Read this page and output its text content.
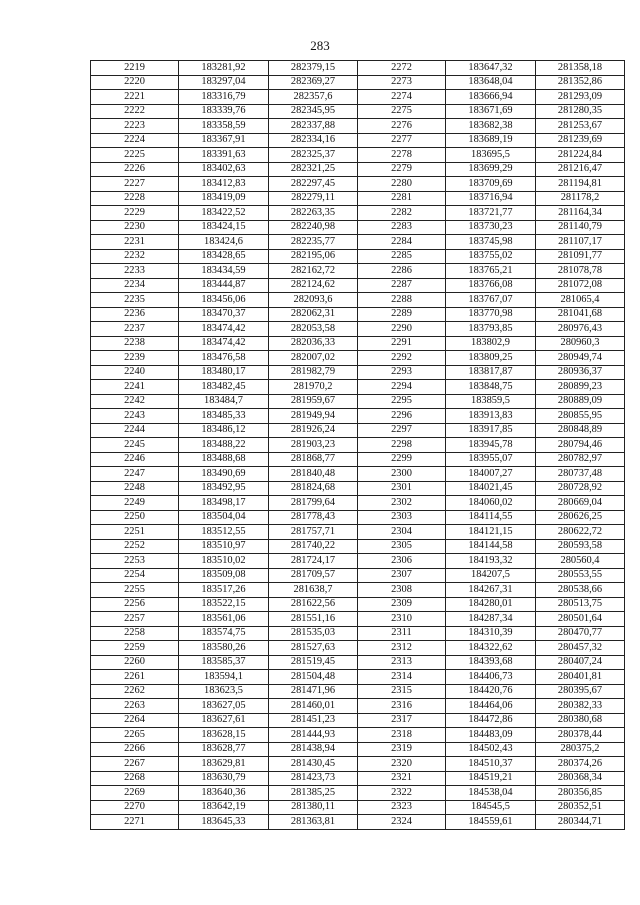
283
2219	183281,92	282379,15	2272	183647,32	281358,18
2220	183297,04	282369,27	2273	183648,04	281352,86
2221	183316,79	282357,6	2274	183666,94	281293,09
2222	183339,76	282345,95	2275	183671,69	281280,35
2223	183358,59	282337,88	2276	183682,38	281253,67
2224	183367,91	282334,16	2277	183689,19	281239,69
2225	183391,63	282325,37	2278	183695,5	281224,84
2226	183402,63	282321,25	2279	183699,29	281216,47
2227	183412,83	282297,45	2280	183709,69	281194,81
2228	183419,09	282279,11	2281	183716,94	281178,2
2229	183422,52	282263,35	2282	183721,77	281164,34
2230	183424,15	282240,98	2283	183730,23	281140,79
2231	183424,6	282235,77	2284	183745,98	281107,17
2232	183428,65	282195,06	2285	183755,02	281091,77
2233	183434,59	282162,72	2286	183765,21	281078,78
2234	183444,87	282124,62	2287	183766,08	281072,08
2235	183456,06	282093,6	2288	183767,07	281065,4
2236	183470,37	282062,31	2289	183770,98	281041,68
2237	183474,42	282053,58	2290	183793,85	280976,43
2238	183474,42	282036,33	2291	183802,9	280960,3
2239	183476,58	282007,02	2292	183809,25	280949,74
2240	183480,17	281982,79	2293	183817,87	280936,37
2241	183482,45	281970,2	2294	183848,75	280899,23
2242	183484,7	281959,67	2295	183859,5	280889,09
2243	183485,33	281949,94	2296	183913,83	280855,95
2244	183486,12	281926,24	2297	183917,85	280848,89
2245	183488,22	281903,23	2298	183945,78	280794,46
2246	183488,68	281868,77	2299	183955,07	280782,97
2247	183490,69	281840,48	2300	184007,27	280737,48
2248	183492,95	281824,68	2301	184021,45	280728,92
2249	183498,17	281799,64	2302	184060,02	280669,04
2250	183504,04	281778,43	2303	184114,55	280626,25
2251	183512,55	281757,71	2304	184121,15	280622,72
2252	183510,97	281740,22	2305	184144,58	280593,58
2253	183510,02	281724,17	2306	184193,32	280560,4
2254	183509,08	281709,57	2307	184207,5	280553,55
2255	183517,26	281638,7	2308	184267,31	280538,66
2256	183522,15	281622,56	2309	184280,01	280513,75
2257	183561,06	281551,16	2310	184287,34	280501,64
2258	183574,75	281535,03	2311	184310,39	280470,77
2259	183580,26	281527,63	2312	184322,62	280457,32
2260	183585,37	281519,45	2313	184393,68	280407,24
2261	183594,1	281504,48	2314	184406,73	280401,81
2262	183623,5	281471,96	2315	184420,76	280395,67
2263	183627,05	281460,01	2316	184464,06	280382,33
2264	183627,61	281451,23	2317	184472,86	280380,68
2265	183628,15	281444,93	2318	184483,09	280378,44
2266	183628,77	281438,94	2319	184502,43	280375,2
2267	183629,81	281430,45	2320	184510,37	280374,26
2268	183630,79	281423,73	2321	184519,21	280368,34
2269	183640,36	281385,25	2322	184538,04	280356,85
2270	183642,19	281380,11	2323	184545,5	280352,51
2271	183645,33	281363,81	2324	184559,61	280344,71
